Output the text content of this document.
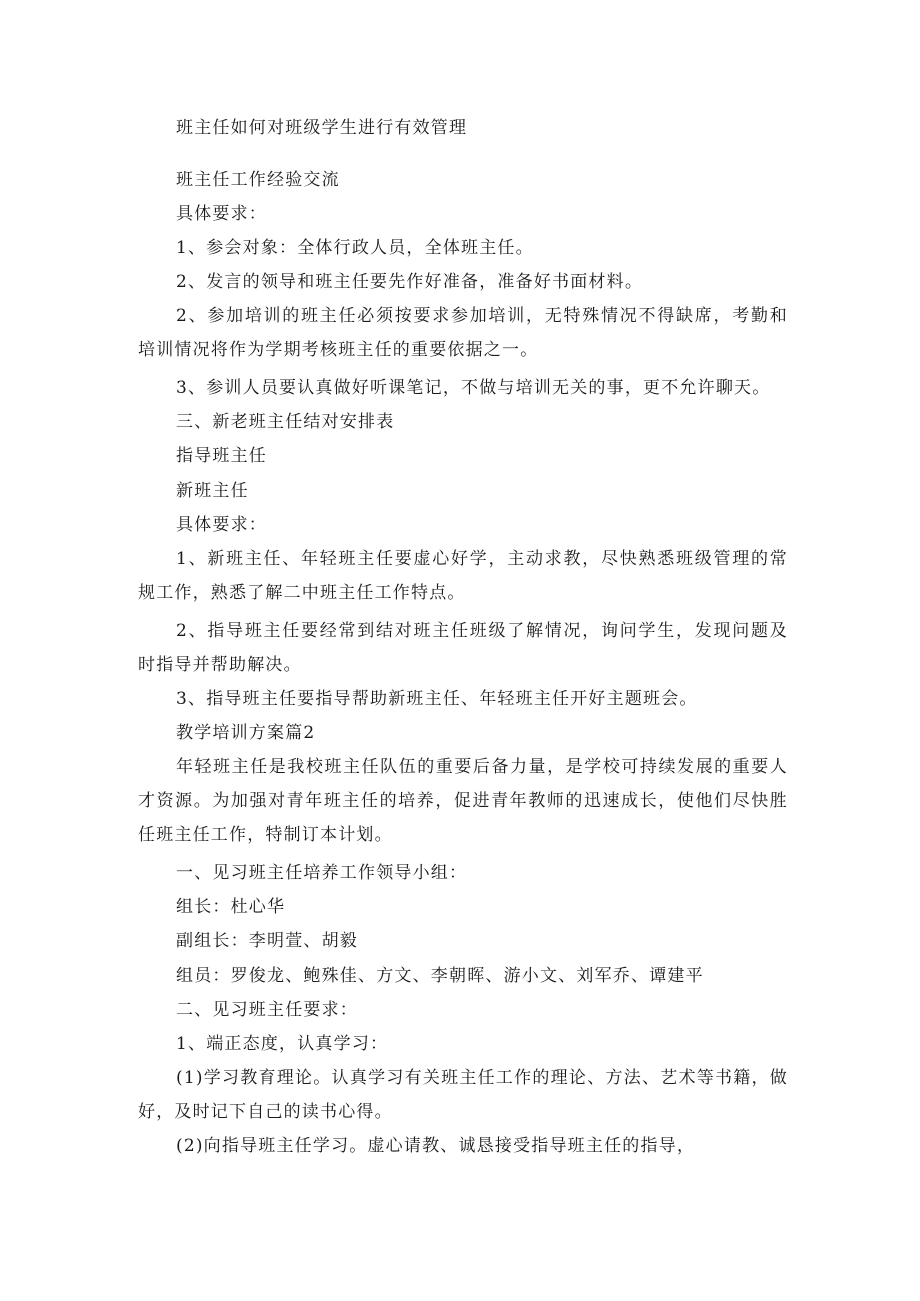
班主任如何对班级学生进行有效管理

班主任工作经验交流

具体要求：

1、参会对象：全体行政人员，全体班主任。

2、发言的领导和班主任要先作好准备，准备好书面材料。

2、参加培训的班主任必须按要求参加培训，无特殊情况不得缺席，考勤和培训情况将作为学期考核班主任的重要依据之一。

3、参训人员要认真做好听课笔记，不做与培训无关的事，更不允许聊天。

三、新老班主任结对安排表

指导班主任

新班主任

具体要求：

1、新班主任、年轻班主任要虚心好学，主动求教，尽快熟悉班级管理的常规工作，熟悉了解二中班主任工作特点。

2、指导班主任要经常到结对班主任班级了解情况，询问学生，发现问题及时指导并帮助解决。

3、指导班主任要指导帮助新班主任、年轻班主任开好主题班会。

教学培训方案篇2

年轻班主任是我校班主任队伍的重要后备力量，是学校可持续发展的重要人才资源。为加强对青年班主任的培养，促进青年教师的迅速成长，使他们尽快胜任班主任工作，特制订本计划。

一、见习班主任培养工作领导小组：

组长：杜心华

副组长：李明萱、胡毅

组员：罗俊龙、鲍殊佳、方文、李朝晖、游小文、刘军乔、谭建平

二、见习班主任要求：

1、端正态度，认真学习：

(1)学习教育理论。认真学习有关班主任工作的理论、方法、艺术等书籍，做好，及时记下自己的读书心得。

(2)向指导班主任学习。虚心请教、诚恳接受指导班主任的指导，
